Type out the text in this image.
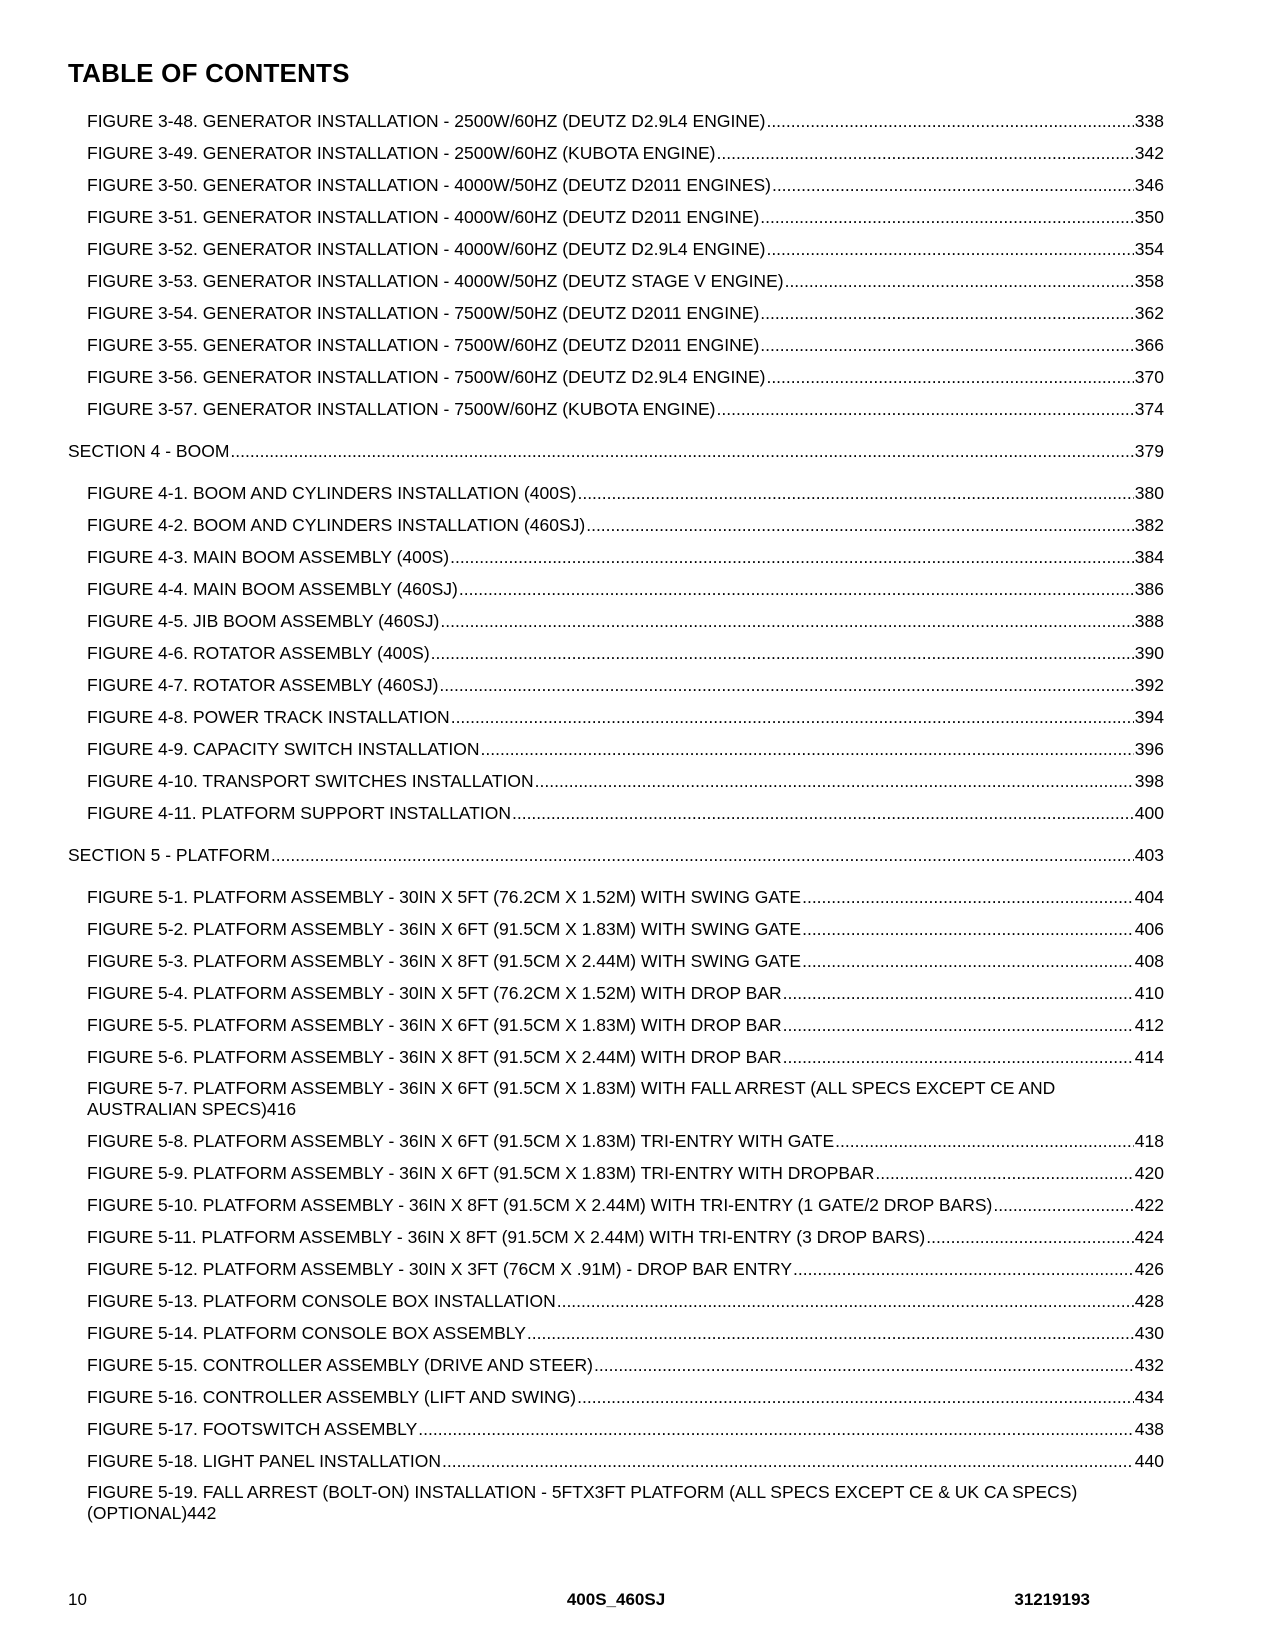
TABLE OF CONTENTS
FIGURE 3-48. GENERATOR INSTALLATION - 2500W/60HZ (DEUTZ D2.9L4 ENGINE) .....	338
FIGURE 3-49. GENERATOR INSTALLATION - 2500W/60HZ (KUBOTA ENGINE) .....	342
FIGURE 3-50. GENERATOR INSTALLATION - 4000W/50HZ (DEUTZ D2011 ENGINES) .....	346
FIGURE 3-51. GENERATOR INSTALLATION - 4000W/60HZ (DEUTZ D2011 ENGINE) .....	350
FIGURE 3-52. GENERATOR INSTALLATION - 4000W/60HZ (DEUTZ D2.9L4 ENGINE) .....	354
FIGURE 3-53. GENERATOR INSTALLATION - 4000W/50HZ (DEUTZ STAGE V ENGINE) .....	358
FIGURE 3-54. GENERATOR INSTALLATION - 7500W/50HZ (DEUTZ D2011 ENGINE) .....	362
FIGURE 3-55. GENERATOR INSTALLATION - 7500W/60HZ (DEUTZ D2011 ENGINE) .....	366
FIGURE 3-56. GENERATOR INSTALLATION - 7500W/60HZ (DEUTZ D2.9L4 ENGINE) .....	370
FIGURE 3-57. GENERATOR INSTALLATION - 7500W/60HZ (KUBOTA ENGINE) .....	374
SECTION 4 - BOOM .....	379
FIGURE 4-1. BOOM AND CYLINDERS INSTALLATION (400S) .....	380
FIGURE 4-2. BOOM AND CYLINDERS INSTALLATION (460SJ) .....	382
FIGURE 4-3. MAIN BOOM ASSEMBLY (400S) .....	384
FIGURE 4-4. MAIN BOOM ASSEMBLY (460SJ) .....	386
FIGURE 4-5. JIB BOOM ASSEMBLY (460SJ) .....	388
FIGURE 4-6. ROTATOR ASSEMBLY (400S) .....	390
FIGURE 4-7. ROTATOR ASSEMBLY (460SJ) .....	392
FIGURE 4-8. POWER TRACK INSTALLATION .....	394
FIGURE 4-9. CAPACITY SWITCH INSTALLATION .....	396
FIGURE 4-10. TRANSPORT SWITCHES INSTALLATION .....	398
FIGURE 4-11. PLATFORM SUPPORT INSTALLATION .....	400
SECTION 5 - PLATFORM .....	403
FIGURE 5-1. PLATFORM ASSEMBLY - 30IN X 5FT (76.2CM X 1.52M) WITH SWING GATE .....	404
FIGURE 5-2. PLATFORM ASSEMBLY - 36IN X 6FT (91.5CM X 1.83M) WITH SWING GATE .....	406
FIGURE 5-3. PLATFORM ASSEMBLY - 36IN X 8FT (91.5CM X 2.44M) WITH SWING GATE .....	408
FIGURE 5-4. PLATFORM ASSEMBLY - 30IN X 5FT (76.2CM X 1.52M) WITH DROP BAR .....	410
FIGURE 5-5. PLATFORM ASSEMBLY - 36IN X 6FT (91.5CM X 1.83M) WITH DROP BAR .....	412
FIGURE 5-6. PLATFORM ASSEMBLY - 36IN X 8FT (91.5CM X 2.44M) WITH DROP BAR .....	414
FIGURE 5-7. PLATFORM ASSEMBLY - 36IN X 6FT (91.5CM X 1.83M) WITH FALL ARREST (ALL SPECS EXCEPT CE AND
AUSTRALIAN SPECS) 416
FIGURE 5-8. PLATFORM ASSEMBLY - 36IN X 6FT (91.5CM X 1.83M) TRI-ENTRY WITH GATE .....	418
FIGURE 5-9. PLATFORM ASSEMBLY - 36IN X 6FT (91.5CM X 1.83M) TRI-ENTRY WITH DROPBAR .....	420
FIGURE 5-10. PLATFORM ASSEMBLY - 36IN X 8FT (91.5CM X 2.44M) WITH TRI-ENTRY (1 GATE/2 DROP BARS) .....	422
FIGURE 5-11. PLATFORM ASSEMBLY - 36IN X 8FT (91.5CM X 2.44M) WITH TRI-ENTRY (3 DROP BARS) .....	424
FIGURE 5-12. PLATFORM ASSEMBLY - 30IN X 3FT (76CM X .91M) - DROP BAR ENTRY .....	426
FIGURE 5-13. PLATFORM CONSOLE BOX INSTALLATION .....	428
FIGURE 5-14. PLATFORM CONSOLE BOX ASSEMBLY .....	430
FIGURE 5-15. CONTROLLER ASSEMBLY (DRIVE AND STEER) .....	432
FIGURE 5-16. CONTROLLER ASSEMBLY (LIFT AND SWING) .....	434
FIGURE 5-17. FOOTSWITCH ASSEMBLY .....	438
FIGURE 5-18. LIGHT PANEL INSTALLATION .....	440
FIGURE 5-19. FALL ARREST (BOLT-ON) INSTALLATION - 5FTX3FT PLATFORM (ALL SPECS EXCEPT CE & UK CA SPECS)
(OPTIONAL) 442
10	400S_460SJ	31219193
